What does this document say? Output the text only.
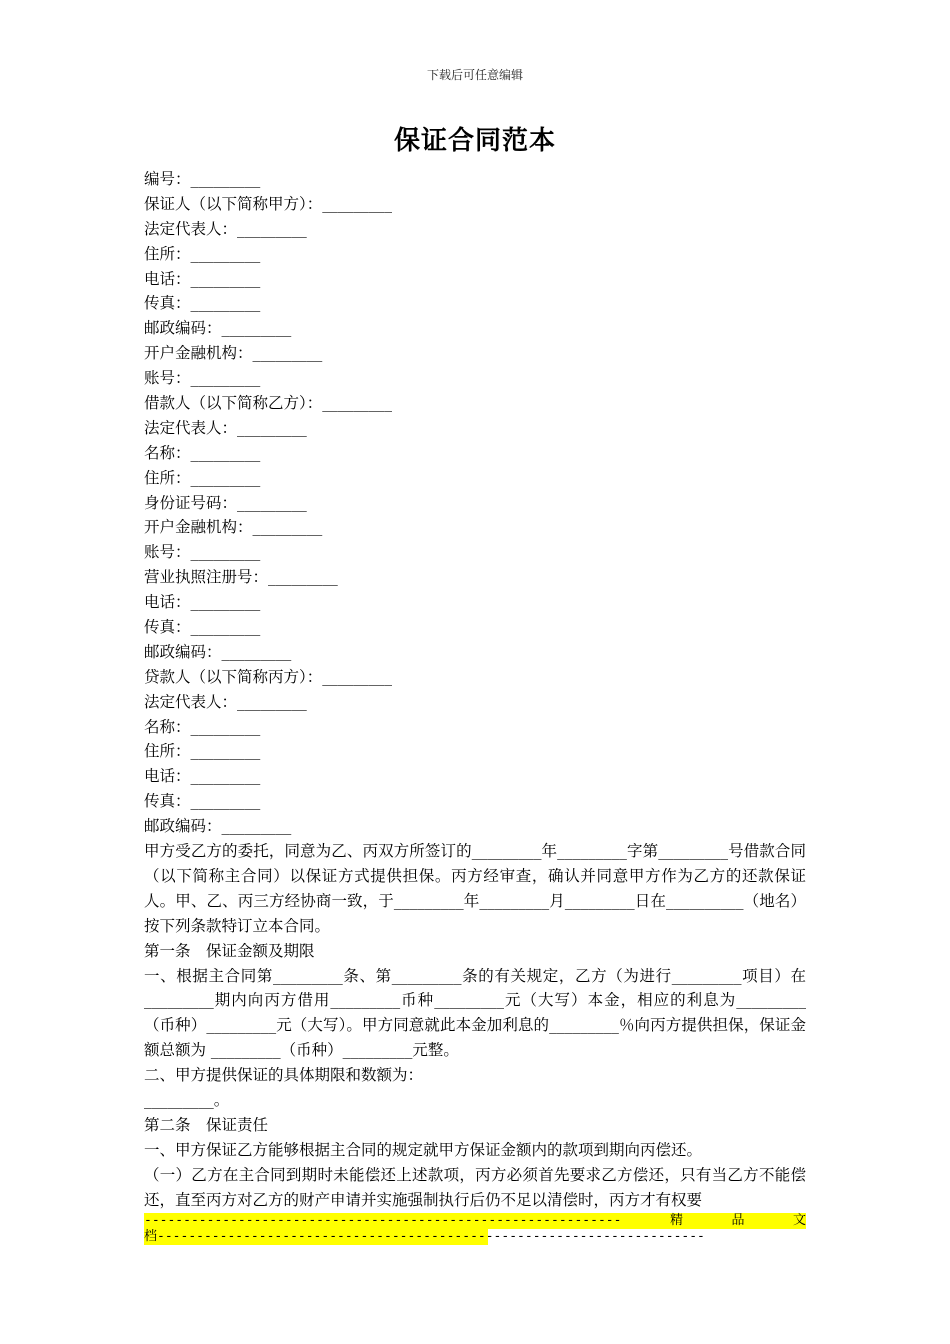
下载后可任意编辑
保证合同范本
编号：_________
保证人（以下简称甲方）：_________
法定代表人：_________
住所：_________
电话：_________
传真：_________
邮政编码：_________
开户金融机构：_________
账号：_________
借款人（以下简称乙方）：_________
法定代表人：_________
名称：_________
住所：_________
身份证号码：_________
开户金融机构：_________
账号：_________
营业执照注册号：_________
电话：_________
传真：_________
邮政编码：_________
贷款人（以下简称丙方）：_________
法定代表人：_________
名称：_________
住所：_________
电话：_________
传真：_________
邮政编码：_________
甲方受乙方的委托，同意为乙、丙双方所签订的_________年_________字第_________号借款合同（以下简称主合同）以保证方式提供担保。丙方经审查，确认并同意甲方作为乙方的还款保证人。甲、乙、丙三方经协商一致，于_________年_________月_________日在__________（地名）按下列条款特订立本合同。
第一条　保证金额及期限
一、根据主合同第_________条、第_________条的有关规定，乙方（为进行_________项目）在_________期内向丙方借用_________币种_________元（大写）本金，相应的利息为_________（币种）_________元（大写）。甲方同意就此本金加利息的_________％向丙方提供担保，保证金额总额为 _________（币种）_________元整。
二、甲方提供保证的具体期限和数额为：
_________。
第二条　保证责任
一、甲方保证乙方能够根据主合同的规定就甲方保证金额内的款项到期向丙偿还。
（一）乙方在主合同到期时未能偿还上述款项，丙方必须首先要求乙方偿还，只有当乙方不能偿还，直至丙方对乙方的财产申请并实施强制执行后仍不足以清偿时，丙方才有权要
-------------------------------------------------------------	精	品	文
档----------------------------------------------------------------------
